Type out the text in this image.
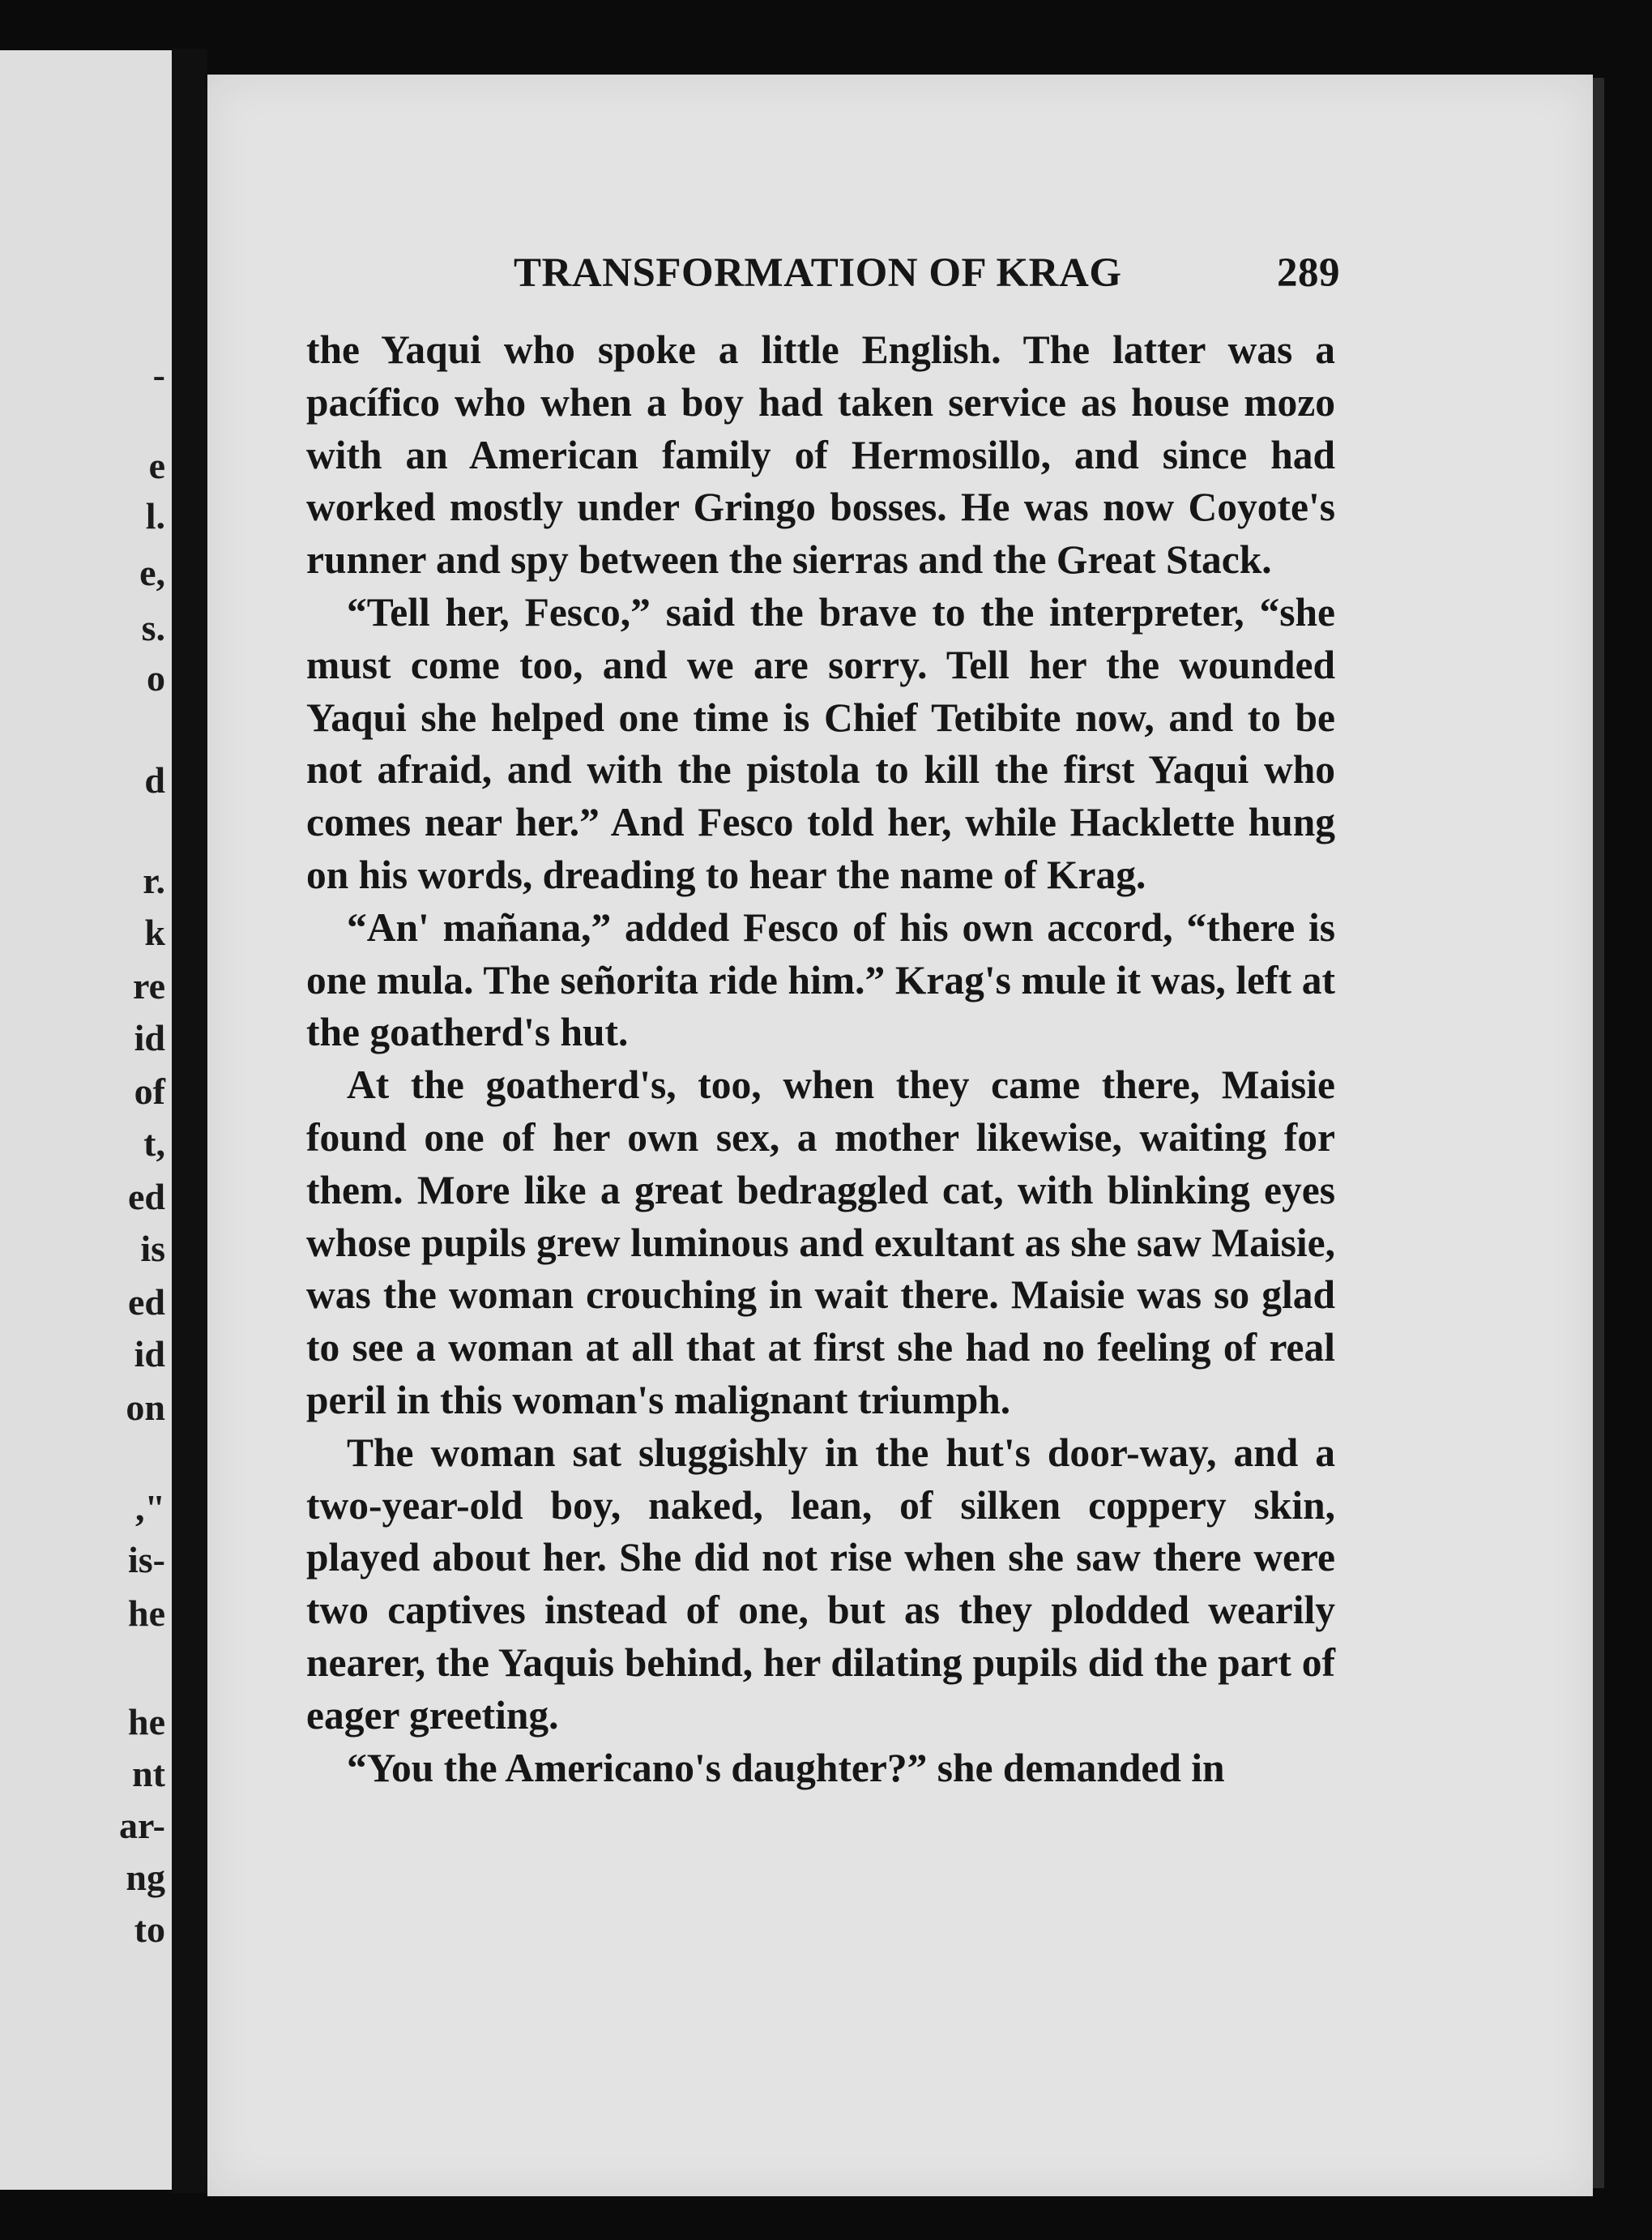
-
e
l.
e,
s.
o
d
r.
k
re
id
of
t,
ed
is
ed
id
on
,"
is-
he
he
nt
ar-
ng
to
TRANSFORMATION OF KRAG	289

the Yaqui who spoke a little English. The latter was a pacífico who when a boy had taken service as house mozo with an American family of Hermosillo, and since had worked mostly under Gringo bosses. He was now Coyote's runner and spy between the sierras and the Great Stack.

“Tell her, Fesco,” said the brave to the interpreter, “she must come too, and we are sorry. Tell her the wounded Yaqui she helped one time is Chief Tetibite now, and to be not afraid, and with the pistola to kill the first Yaqui who comes near her.” And Fesco told her, while Hacklette hung on his words, dreading to hear the name of Krag.

“An' mañana,” added Fesco of his own accord, “there is one mula. The señorita ride him.” Krag's mule it was, left at the goatherd's hut.

At the goatherd's, too, when they came there, Maisie found one of her own sex, a mother likewise, waiting for them. More like a great bedraggled cat, with blinking eyes whose pupils grew luminous and exultant as she saw Maisie, was the woman crouching in wait there. Maisie was so glad to see a woman at all that at first she had no feeling of real peril in this woman's malignant triumph.

The woman sat sluggishly in the hut's door-way, and a two-year-old boy, naked, lean, of silken coppery skin, played about her. She did not rise when she saw there were two captives instead of one, but as they plodded wearily nearer, the Yaquis behind, her dilating pupils did the part of eager greeting.

“You the Americano's daughter?” she demanded in
